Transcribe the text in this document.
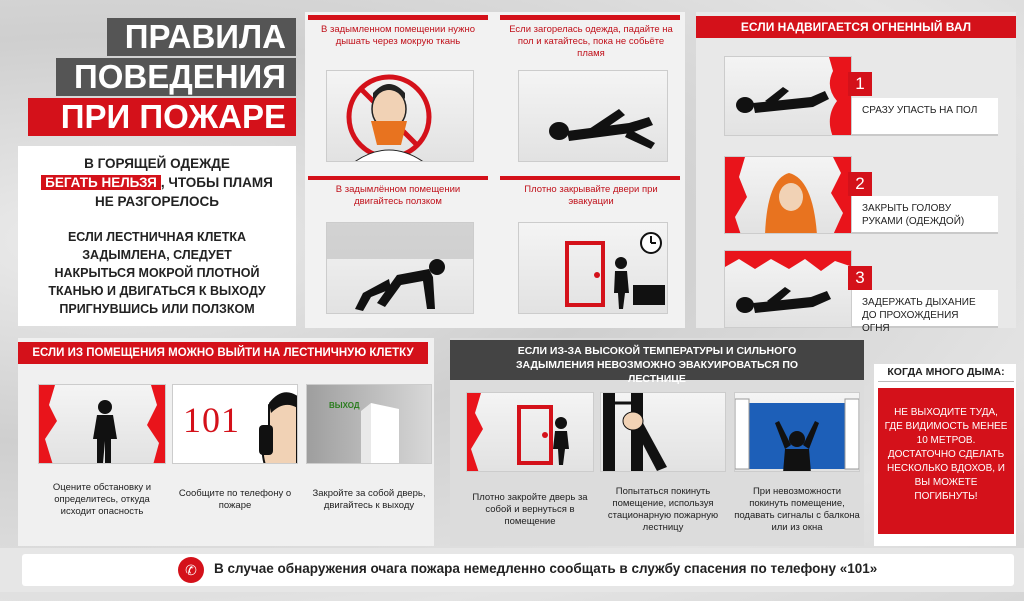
ПРАВИЛА
ПОВЕДЕНИЯ
ПРИ ПОЖАРЕ
В ГОРЯЩЕЙ ОДЕЖДЕ
БЕГАТЬ НЕЛЬЗЯ , ЧТОБЫ ПЛАМЯ
НЕ РАЗГОРЕЛОСЬ
ЕСЛИ ЛЕСТНИЧНАЯ КЛЕТКА ЗАДЫМЛЕНА, СЛЕДУЕТ НАКРЫТЬСЯ МОКРОЙ ПЛОТНОЙ ТКАНЬЮ И ДВИГАТЬСЯ К ВЫХОДУ ПРИГНУВШИСЬ ИЛИ ПОЛЗКОМ
В задымленном помещении нужно дышать через мокрую ткань
Если загорелась одежда, падайте на пол и катайтесь, пока не собьёте пламя
В задымлённом помещении двигайтесь ползком
Плотно закрывайте двери при эвакуации
ЕСЛИ НАДВИГАЕТСЯ ОГНЕННЫЙ ВАЛ
1
СРАЗУ УПАСТЬ НА ПОЛ
2
ЗАКРЫТЬ ГОЛОВУ РУКАМИ (ОДЕЖДОЙ)
3
ЗАДЕРЖАТЬ ДЫХАНИЕ ДО ПРОХОЖДЕНИЯ ОГНЯ
ЕСЛИ ИЗ ПОМЕЩЕНИЯ МОЖНО ВЫЙТИ НА ЛЕСТНИЧНУЮ КЛЕТКУ
Оцените обстановку и определитесь, откуда исходит опасность
101
Сообщите по телефону о пожаре
ВЫХОД
Закройте за собой дверь, двигайтесь к выходу
ЕСЛИ ИЗ-ЗА ВЫСОКОЙ ТЕМПЕРАТУРЫ И СИЛЬНОГО ЗАДЫМЛЕНИЯ НЕВОЗМОЖНО ЭВАКУИРОВАТЬСЯ ПО ЛЕСТНИЦЕ
Плотно закройте дверь за собой и вернуться в помещение
Попытаться покинуть помещение, используя стационарную пожарную лестницу
При невозможности покинуть помещение, подавать сигналы с балкона или из окна
КОГДА МНОГО ДЫМА:
НЕ ВЫХОДИТЕ ТУДА, ГДЕ ВИДИМОСТЬ МЕНЕЕ 10 МЕТРОВ. ДОСТАТОЧНО СДЕЛАТЬ НЕСКОЛЬКО ВДОХОВ, И ВЫ МОЖЕТЕ ПОГИБНУТЬ!
✆	В случае обнаружения очага пожара немедленно сообщать в службу спасения по телефону «101»
